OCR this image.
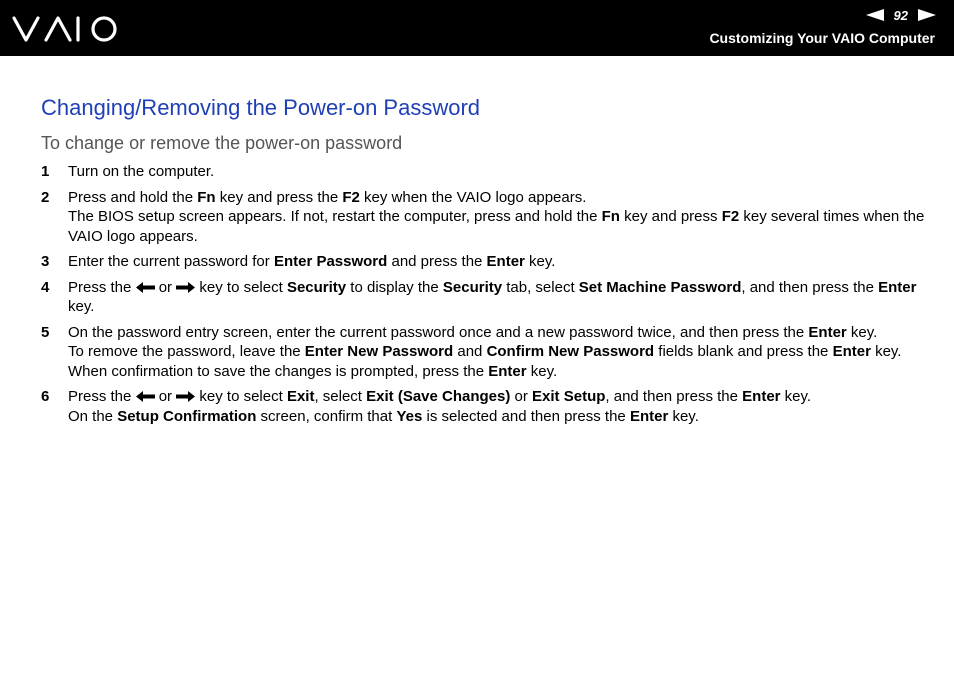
92
Customizing Your VAIO Computer
Changing/Removing the Power-on Password
To change or remove the power-on password
1	Turn on the computer.
2	Press and hold the Fn key and press the F2 key when the VAIO logo appears.
The BIOS setup screen appears. If not, restart the computer, press and hold the Fn key and press F2 key several times when the VAIO logo appears.
3	Enter the current password for Enter Password and press the Enter key.
4	Press the  or  key to select Security to display the Security tab, select Set Machine Password, and then press the Enter key.
5	On the password entry screen, enter the current password once and a new password twice, and then press the Enter key.
To remove the password, leave the Enter New Password and Confirm New Password fields blank and press the Enter key.
When confirmation to save the changes is prompted, press the Enter key.
6	Press the  or  key to select Exit, select Exit (Save Changes) or Exit Setup, and then press the Enter key.
On the Setup Confirmation screen, confirm that Yes is selected and then press the Enter key.
